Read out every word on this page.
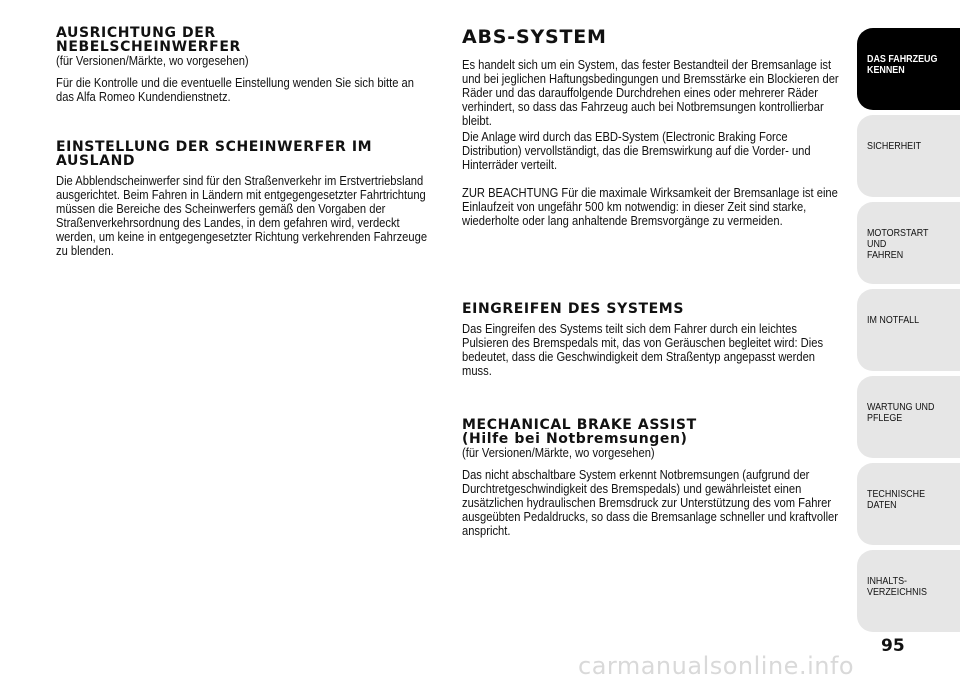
AUSRICHTUNG DER
NEBELSCHEINWERFER

(für Versionen/Märkte, wo vorgesehen)

Für die Kontrolle und die eventuelle Einstellung wenden Sie sich bitte an das Alfa Romeo Kundendienstnetz.

EINSTELLUNG DER SCHEINWERFER IM
AUSLAND

Die Abblendscheinwerfer sind für den Straßenverkehr im Erstvertriebsland ausgerichtet. Beim Fahren in Ländern mit entgegengesetzter Fahrtrichtung müssen die Bereiche des Scheinwerfers gemäß den Vorgaben der Straßenverkehrsordnung des Landes, in dem gefahren wird, verdeckt werden, um keine in entgegengesetzter Richtung verkehrenden Fahrzeuge zu blenden.

ABS-SYSTEM

Es handelt sich um ein System, das fester Bestandteil der Bremsanlage ist und bei jeglichen Haftungsbedingungen und Bremsstärke ein Blockieren der Räder und das darauffolgende Durchdrehen eines oder mehrerer Räder verhindert, so dass das Fahrzeug auch bei Notbremsungen kontrollierbar bleibt.

Die Anlage wird durch das EBD-System (Electronic Braking Force Distribution) vervollständigt, das die Bremswirkung auf die Vorder- und Hinterräder verteilt.

ZUR BEACHTUNG Für die maximale Wirksamkeit der Bremsanlage ist eine Einlaufzeit von ungefähr 500 km notwendig: in dieser Zeit sind starke, wiederholte oder lang anhaltende Bremsvorgänge zu vermeiden.

EINGREIFEN DES SYSTEMS

Das Eingreifen des Systems teilt sich dem Fahrer durch ein leichtes Pulsieren des Bremspedals mit, das von Geräuschen begleitet wird: Dies bedeutet, dass die Geschwindigkeit dem Straßentyp angepasst werden muss.

MECHANICAL BRAKE ASSIST
(Hilfe bei Notbremsungen)

(für Versionen/Märkte, wo vorgesehen)

Das nicht abschaltbare System erkennt Notbremsungen (aufgrund der Durchtretgeschwindigkeit des Bremspedals) und gewährleistet einen zusätzlichen hydraulischen Bremsdruck zur Unterstützung des vom Fahrer ausgeübten Pedaldrucks, so dass die Bremsanlage schneller und kraftvoller anspricht.

DAS FAHRZEUG
KENNEN
SICHERHEIT
MOTORSTART UND
FAHREN
IM NOTFALL
WARTUNG UND
PFLEGE
TECHNISCHE DATEN
INHALTS-
VERZEICHNIS
95
carmanualsonline.info
